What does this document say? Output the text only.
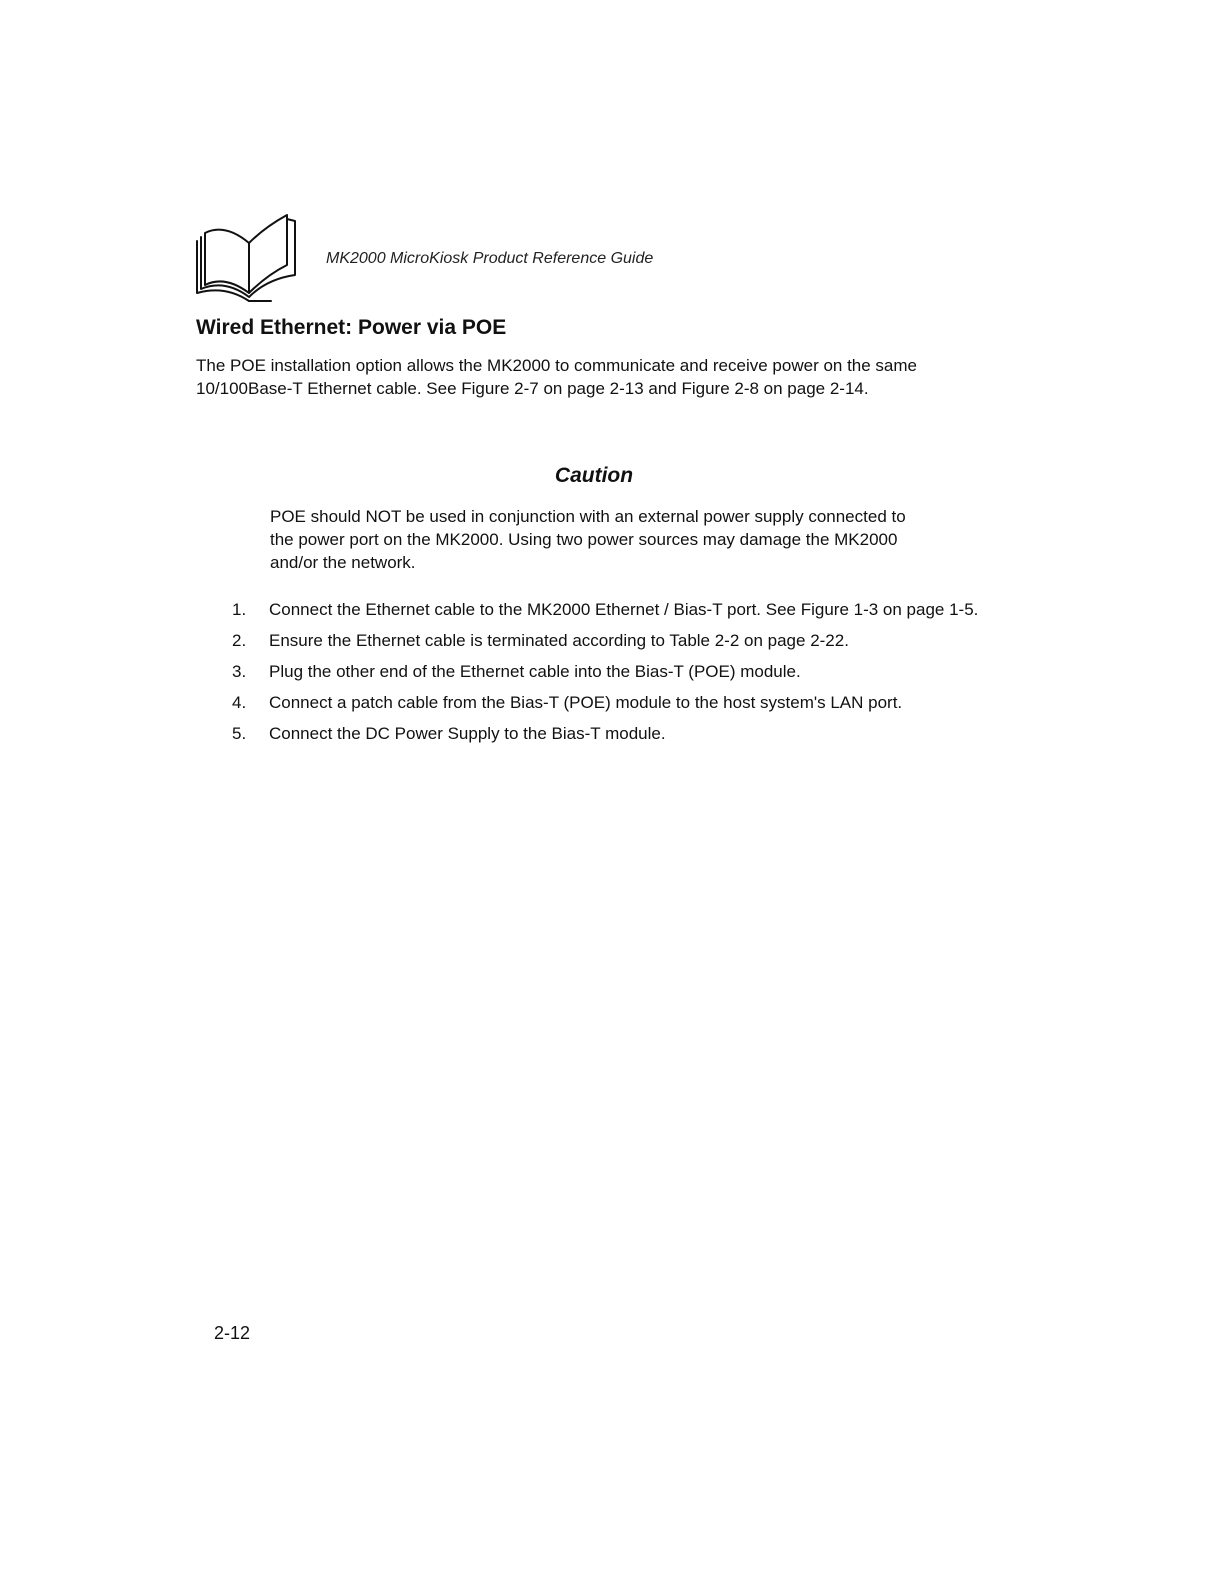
MK2000 MicroKiosk Product Reference Guide
Wired Ethernet: Power via POE

The POE installation option allows the MK2000 to communicate and receive power on the same 10/100Base-T Ethernet cable. See Figure 2-7 on page 2-13 and Figure 2-8 on page 2-14.

Caution

POE should NOT be used in conjunction with an external power supply connected to the power port on the MK2000. Using two power sources may damage the MK2000 and/or the network.

1. Connect the Ethernet cable to the MK2000 Ethernet / Bias-T port. See Figure 1-3 on page 1-5.
2. Ensure the Ethernet cable is terminated according to Table 2-2 on page 2-22.
3. Plug the other end of the Ethernet cable into the Bias-T (POE) module.
4. Connect a patch cable from the Bias-T (POE) module to the host system's LAN port.
5. Connect the DC Power Supply to the Bias-T module.
2-12
